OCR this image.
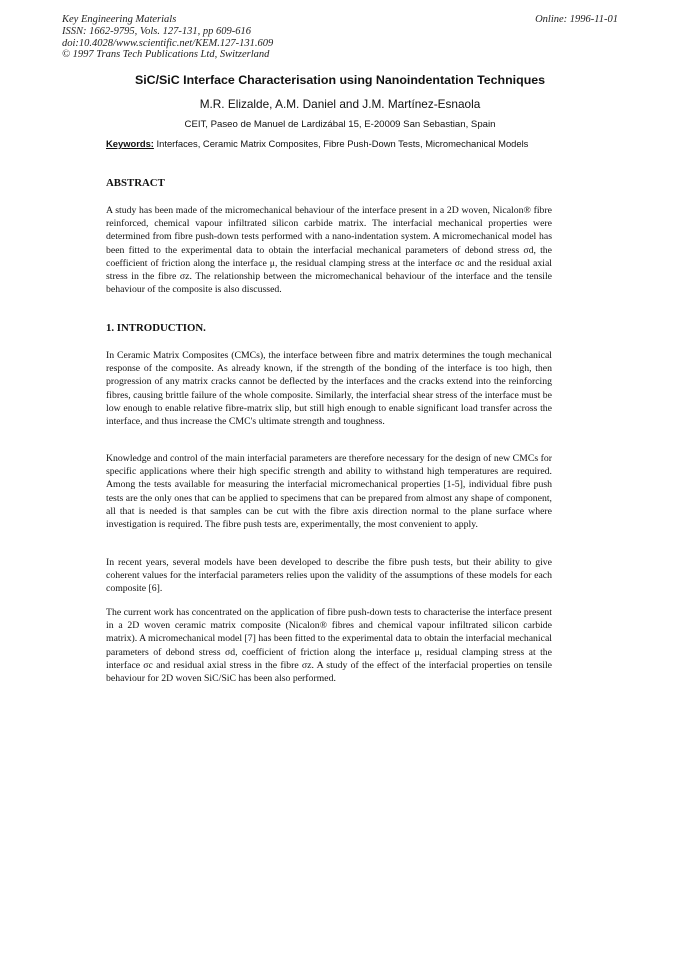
Key Engineering Materials
ISSN: 1662-9795, Vols. 127-131, pp 609-616
doi:10.4028/www.scientific.net/KEM.127-131.609
© 1997 Trans Tech Publications Ltd, Switzerland
Online: 1996-11-01
SiC/SiC Interface Characterisation using Nanoindentation Techniques
M.R. Elizalde, A.M. Daniel and J.M. Martínez-Esnaola
CEIT, Paseo de Manuel de Lardizábal 15, E-20009 San Sebastian, Spain
Keywords: Interfaces, Ceramic Matrix Composites, Fibre Push-Down Tests, Micromechanical Models
ABSTRACT

A study has been made of the micromechanical behaviour of the interface present in a 2D woven, Nicalon® fibre reinforced, chemical vapour infiltrated silicon carbide matrix. The interfacial mechanical properties were determined from fibre push-down tests performed with a nano-indentation system. A micromechanical model has been fitted to the experimental data to obtain the interfacial mechanical parameters of debond stress σd, the coefficient of friction along the interface μ, the residual clamping stress at the interface σc and the residual axial stress in the fibre σz. The relationship between the micromechanical behaviour of the interface and the tensile behaviour of the composite is also discussed.

1. INTRODUCTION.

In Ceramic Matrix Composites (CMCs), the interface between fibre and matrix determines the tough mechanical response of the composite. As already known, if the strength of the bonding of the interface is too high, then progression of any matrix cracks cannot be deflected by the interfaces and the cracks extend into the reinforcing fibres, causing brittle failure of the whole composite. Similarly, the interfacial shear stress of the interface must be low enough to enable relative fibre-matrix slip, but still high enough to enable significant load transfer across the interface, and thus increase the CMC's ultimate strength and toughness.

Knowledge and control of the main interfacial parameters are therefore necessary for the design of new CMCs for specific applications where their high specific strength and ability to withstand high temperatures are required. Among the tests available for measuring the interfacial micromechanical properties [1-5], individual fibre push tests are the only ones that can be applied to specimens that can be prepared from almost any shape of component, all that is needed is that samples can be cut with the fibre axis direction normal to the plane surface where investigation is required. The fibre push tests are, experimentally, the most convenient to apply.

In recent years, several models have been developed to describe the fibre push tests, but their ability to give coherent values for the interfacial parameters relies upon the validity of the assumptions of these models for each composite [6].

The current work has concentrated on the application of fibre push-down tests to characterise the interface present in a 2D woven ceramic matrix composite (Nicalon® fibres and chemical vapour infiltrated silicon carbide matrix). A micromechanical model [7] has been fitted to the experimental data to obtain the interfacial mechanical parameters of debond stress σd, coefficient of friction along the interface μ, residual clamping stress at the interface σc and residual axial stress in the fibre σz. A study of the effect of the interfacial properties on tensile behaviour for 2D woven SiC/SiC has been also performed.
